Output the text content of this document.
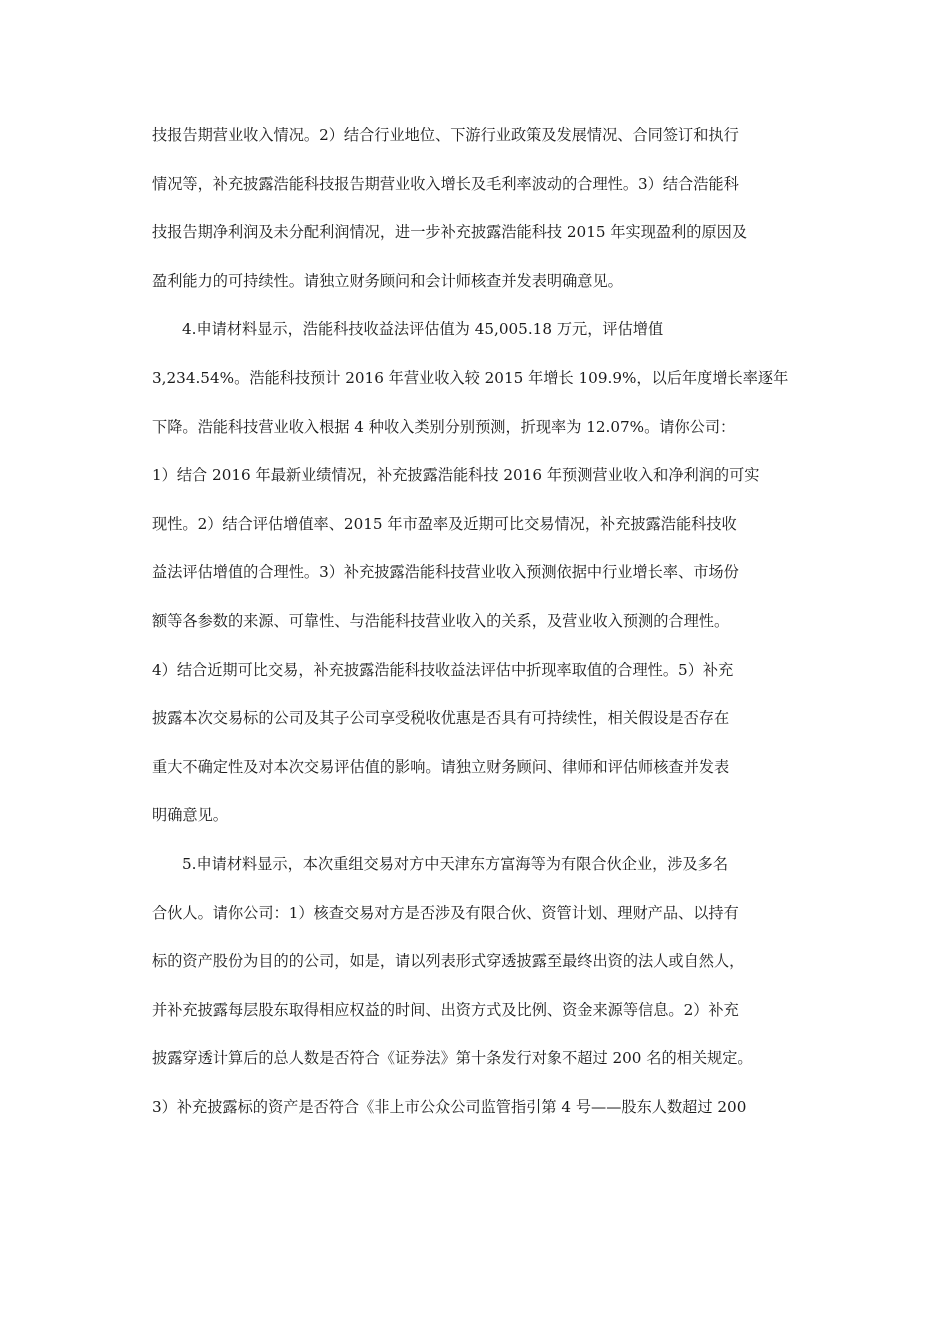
技报告期营业收入情况。2）结合行业地位、下游行业政策及发展情况、合同签订和执行
情况等，补充披露浩能科技报告期营业收入增长及毛利率波动的合理性。3）结合浩能科
技报告期净利润及未分配利润情况，进一步补充披露浩能科技 2015 年实现盈利的原因及
盈利能力的可持续性。请独立财务顾问和会计师核查并发表明确意见。
4.申请材料显示，浩能科技收益法评估值为 45,005.18 万元，评估增值
3,234.54%。浩能科技预计 2016 年营业收入较 2015 年增长 109.9%，以后年度增长率逐年
下降。浩能科技营业收入根据 4 种收入类别分别预测，折现率为 12.07%。请你公司：
1）结合 2016 年最新业绩情况，补充披露浩能科技 2016 年预测营业收入和净利润的可实
现性。2）结合评估增值率、2015 年市盈率及近期可比交易情况，补充披露浩能科技收
益法评估增值的合理性。3）补充披露浩能科技营业收入预测依据中行业增长率、市场份
额等各参数的来源、可靠性、与浩能科技营业收入的关系，及营业收入预测的合理性。
4）结合近期可比交易，补充披露浩能科技收益法评估中折现率取值的合理性。5）补充
披露本次交易标的公司及其子公司享受税收优惠是否具有可持续性，相关假设是否存在
重大不确定性及对本次交易评估值的影响。请独立财务顾问、律师和评估师核查并发表
明确意见。
5.申请材料显示，本次重组交易对方中天津东方富海等为有限合伙企业，涉及多名
合伙人。请你公司：1）核查交易对方是否涉及有限合伙、资管计划、理财产品、以持有
标的资产股份为目的的公司，如是，请以列表形式穿透披露至最终出资的法人或自然人，
并补充披露每层股东取得相应权益的时间、出资方式及比例、资金来源等信息。2）补充
披露穿透计算后的总人数是否符合《证券法》第十条发行对象不超过 200 名的相关规定。
3）补充披露标的资产是否符合《非上市公众公司监管指引第 4 号——股东人数超过 200
